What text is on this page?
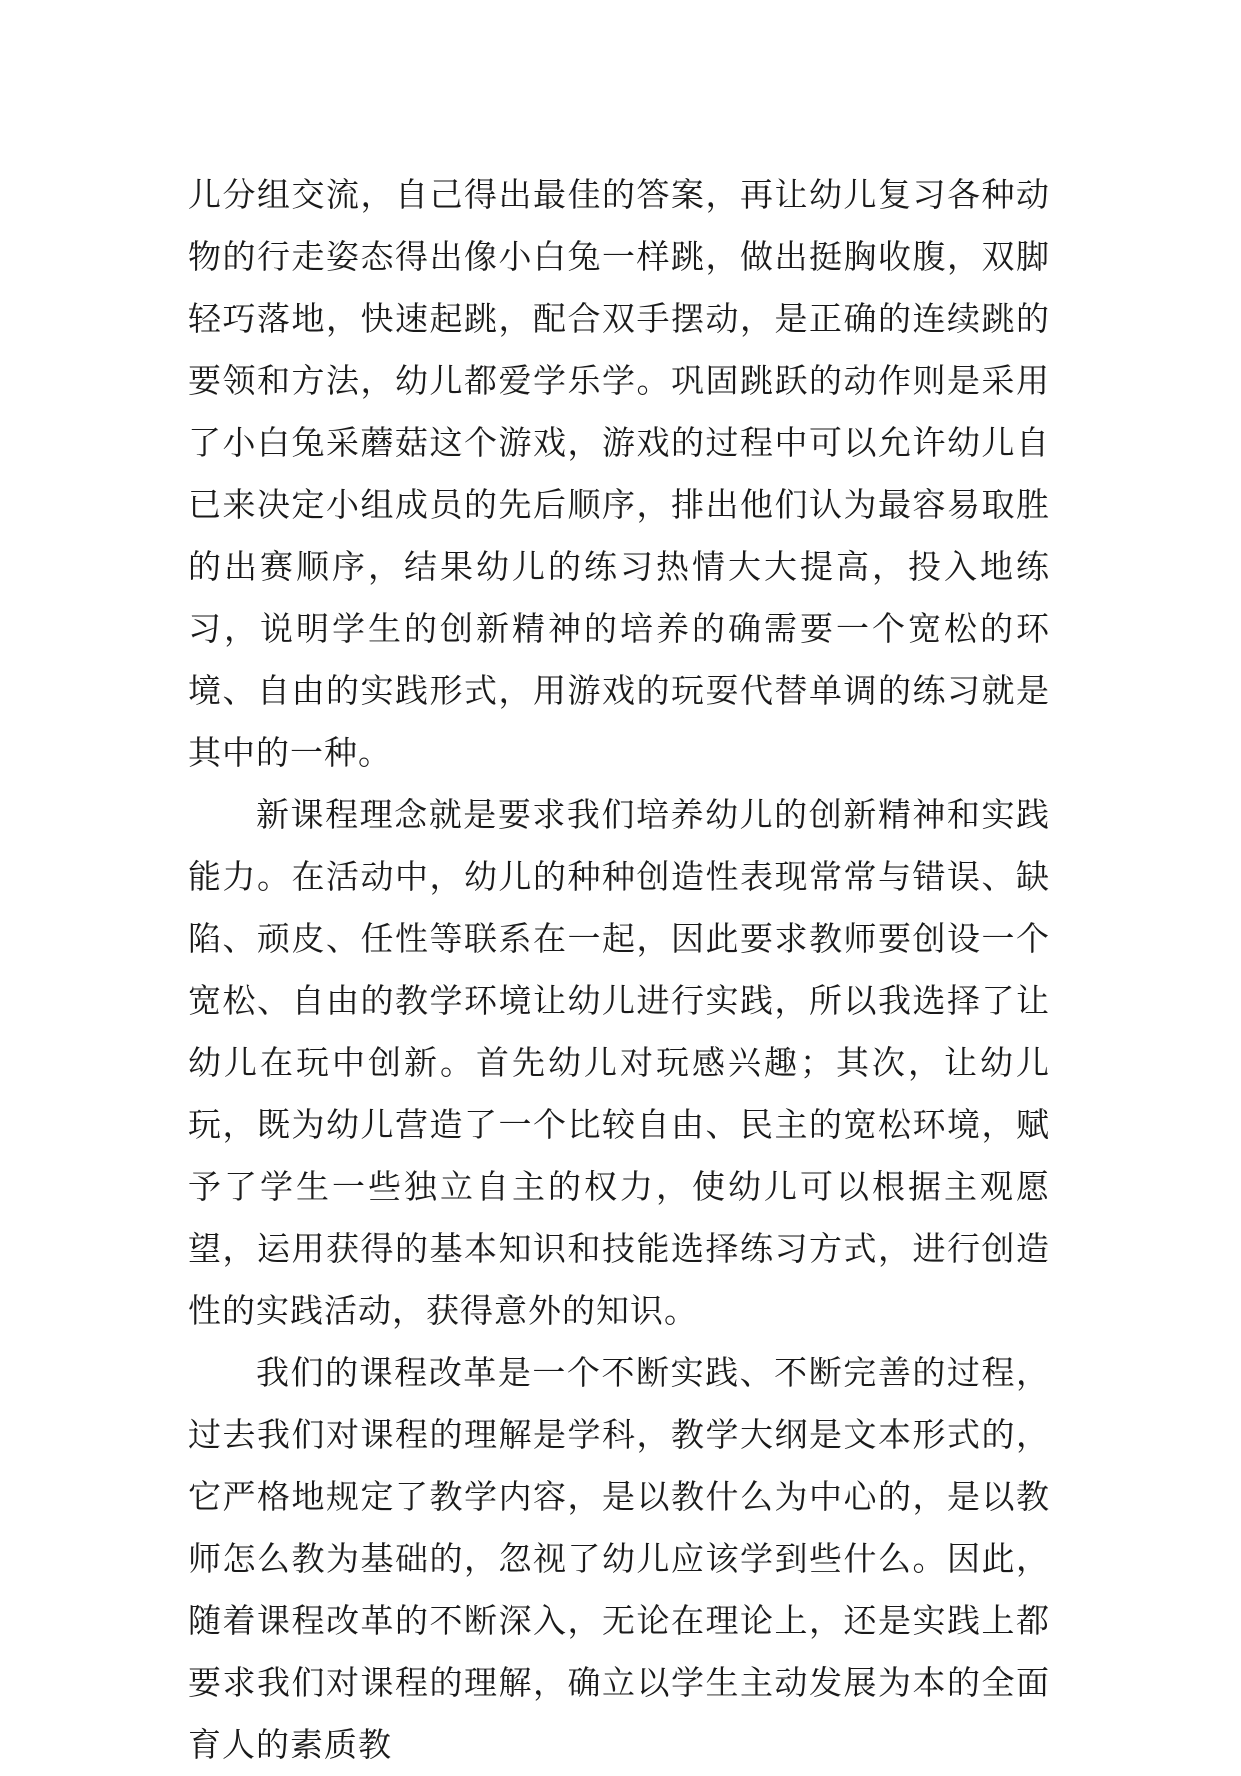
儿分组交流，自己得出最佳的答案，再让幼儿复习各种动物的行走姿态得出像小白兔一样跳，做出挺胸收腹，双脚轻巧落地，快速起跳，配合双手摆动，是正确的连续跳的要领和方法，幼儿都爱学乐学。巩固跳跃的动作则是采用了小白兔采蘑菇这个游戏，游戏的过程中可以允许幼儿自已来决定小组成员的先后顺序，排出他们认为最容易取胜的出赛顺序，结果幼儿的练习热情大大提高，投入地练习，说明学生的创新精神的培养的确需要一个宽松的环境、自由的实践形式，用游戏的玩耍代替单调的练习就是其中的一种。

新课程理念就是要求我们培养幼儿的创新精神和实践能力。在活动中，幼儿的种种创造性表现常常与错误、缺陷、顽皮、任性等联系在一起，因此要求教师要创设一个宽松、自由的教学环境让幼儿进行实践，所以我选择了让幼儿在玩中创新。首先幼儿对玩感兴趣；其次，让幼儿玩，既为幼儿营造了一个比较自由、民主的宽松环境，赋予了学生一些独立自主的权力，使幼儿可以根据主观愿望，运用获得的基本知识和技能选择练习方式，进行创造性的实践活动，获得意外的知识。

我们的课程改革是一个不断实践、不断完善的过程，过去我们对课程的理解是学科，教学大纲是文本形式的，它严格地规定了教学内容，是以教什么为中心的，是以教师怎么教为基础的，忽视了幼儿应该学到些什么。因此，随着课程改革的不断深入，无论在理论上，还是实践上都要求我们对课程的理解，确立以学生主动发展为本的全面育人的素质教
